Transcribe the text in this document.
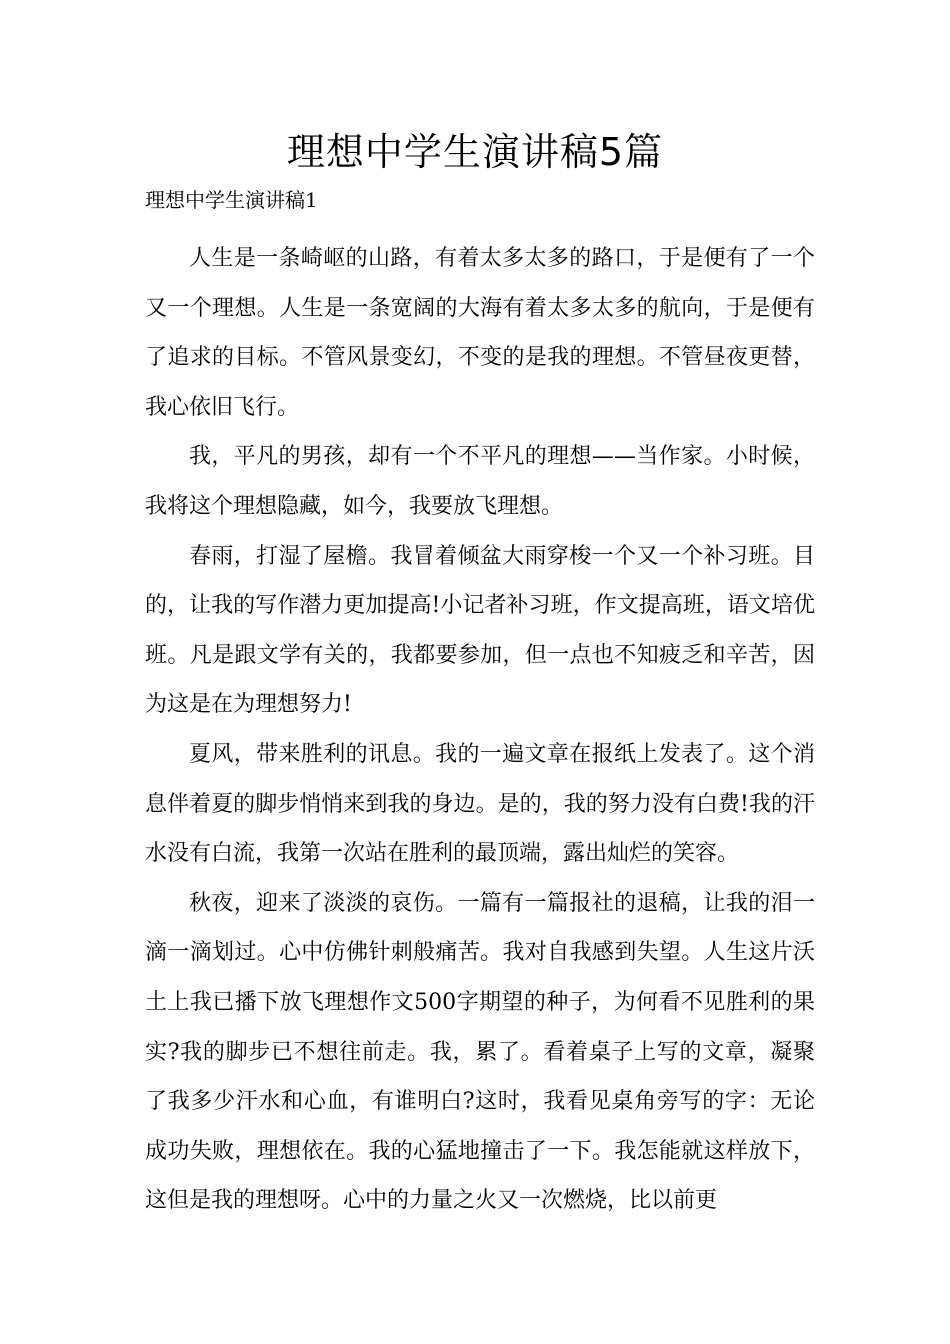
理想中学生演讲稿5篇
理想中学生演讲稿1

人生是一条崎岖的山路，有着太多太多的路口，于是便有了一个又一个理想。人生是一条宽阔的大海有着太多太多的航向，于是便有了追求的目标。不管风景变幻，不变的是我的理想。不管昼夜更替，我心依旧飞行。

我，平凡的男孩，却有一个不平凡的理想——当作家。小时候，我将这个理想隐藏，如今，我要放飞理想。

春雨，打湿了屋檐。我冒着倾盆大雨穿梭一个又一个补习班。目的，让我的写作潜力更加提高!小记者补习班，作文提高班，语文培优班。凡是跟文学有关的，我都要参加，但一点也不知疲乏和辛苦，因为这是在为理想努力!

夏风，带来胜利的讯息。我的一遍文章在报纸上发表了。这个消息伴着夏的脚步悄悄来到我的身边。是的，我的努力没有白费!我的汗水没有白流，我第一次站在胜利的最顶端，露出灿烂的笑容。

秋夜，迎来了淡淡的哀伤。一篇有一篇报社的退稿，让我的泪一滴一滴划过。心中仿佛针刺般痛苦。我对自我感到失望。人生这片沃土上我已播下放飞理想作文500字期望的种子，为何看不见胜利的果实?我的脚步已不想往前走。我，累了。看着桌子上写的文章，凝聚了我多少汗水和心血，有谁明白?这时，我看见桌角旁写的字：无论成功失败，理想依在。我的心猛地撞击了一下。我怎能就这样放下，这但是我的理想呀。心中的力量之火又一次燃烧，比以前更
